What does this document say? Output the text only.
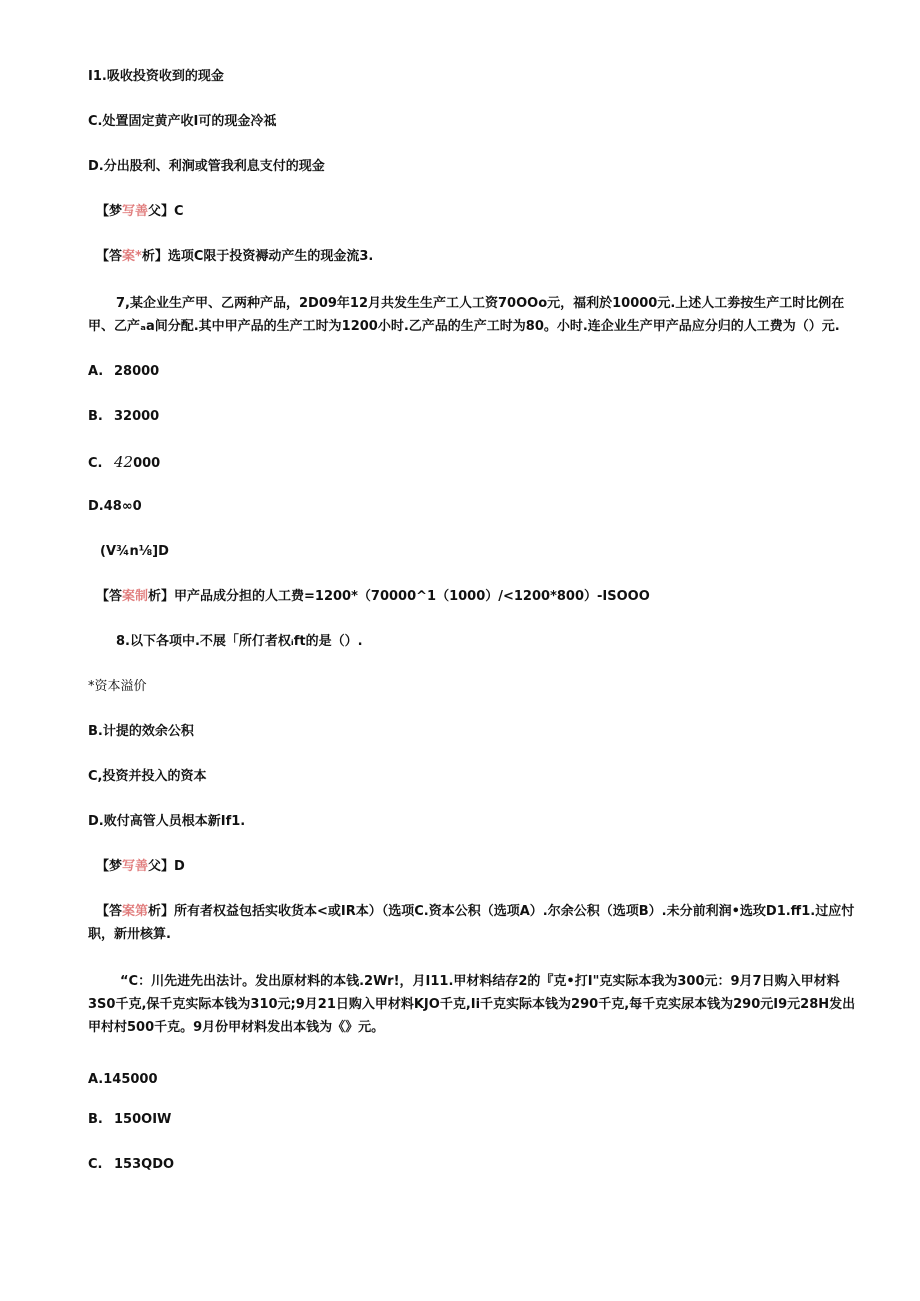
I1.吸收投资收到的现金
C.处置固定黄产收I可的现金冷祗
D.分出股利、利涧或管我利息支付的现金
【梦写善父】C
【答案*析】选项C限于投资褥动产生的现金流3.
7,某企业生产甲、乙两种产品，2D09年12月共发生生产工人工资70OOo元，福利於10000元.上述人工劵按生产工时比例在甲、乙产ₐa间分配.其中甲产品的生产工时为1200小时.乙产品的生产工时为80。小时.连企业生产甲产品应分归的人工费为（）元.
A. 28000
B. 32000
C. 42000
D.48∞0
(V¾n⅛]D
【答案制析】甲产品成分担的人工费=1200*（70000^1（1000）/<1200*800）-ISOOO
8.以下各项中.不展「所仃者权ᵢft的是（）.
*资本溢价
B.计提的效余公积
C,投资并投入的资本
D.败付高管人员根本新If1.
【梦写善父】D
【答案第析】所有者权益包括实收货本<或IR本）（选项C.资本公积（选项A）.尔余公积（选项B）.未分前利润•选玫D1.ff1.过应忖职，新卅核算.
“C：川先进先出法计。发出原材料的本钱.2Wr!，月I11.甲材料结存2的『克•打I"克实际本我为300元：9月7日购入甲材料3S0千克,保千克实际本钱为310元;9月21日购入甲材料KJO千克,Ii千克实际本钱为290千克,每千克实尿本钱为290元I9元28H发出甲村村500千克。9月份甲材料发出本钱为《》元。
A.145000
B. 150OIW
C. 153QDO
